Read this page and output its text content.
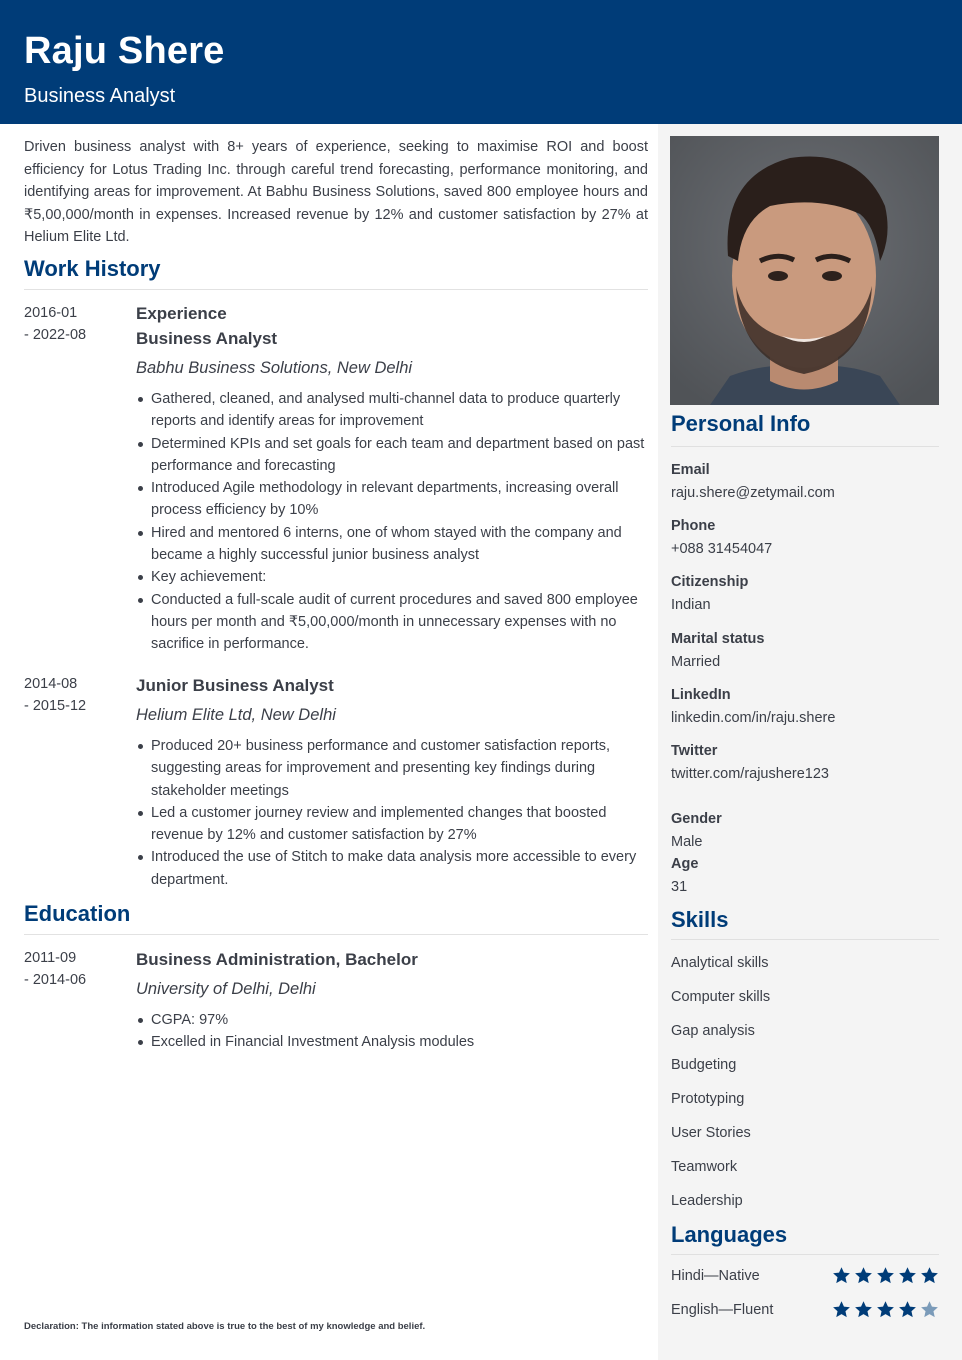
Raju Shere
Business Analyst
Personal Info
Email
raju.shere@zetymail.com
Phone
+088 31454047
Citizenship
Indian
Marital status
Married
LinkedIn
linkedin.com/in/raju.shere
Twitter
twitter.com/rajushere123
Gender
Male
Age
31
Skills
Analytical skills
Computer skills
Gap analysis
Budgeting
Prototyping
User Stories
Teamwork
Leadership
Languages
Hindi—Native
English—Fluent

Driven business analyst with 8+ years of experience, seeking to maximise ROI and boost efficiency for Lotus Trading Inc. through careful trend forecasting, performance monitoring, and identifying areas for improvement. At Babhu Business Solutions, saved 800 employee hours and ₹5,00,000/month in expenses. Increased revenue by 12% and customer satisfaction by 27% at Helium Elite Ltd.

Work History
2016-01
- 2022-08
Experience
Business Analyst
Babhu Business Solutions, New Delhi
Gathered, cleaned, and analysed multi-channel data to produce quarterly reports and identify areas for improvement
Determined KPIs and set goals for each team and department based on past performance and forecasting
Introduced Agile methodology in relevant departments, increasing overall process efficiency by 10%
Hired and mentored 6 interns, one of whom stayed with the company and became a highly successful junior business analyst
Key achievement:
Conducted a full-scale audit of current procedures and saved 800 employee hours per month and ₹5,00,000/month in unnecessary expenses with no sacrifice in performance.
2014-08
- 2015-12
Junior Business Analyst
Helium Elite Ltd, New Delhi
Produced 20+ business performance and customer satisfaction reports, suggesting areas for improvement and presenting key findings during stakeholder meetings
Led a customer journey review and implemented changes that boosted revenue by 12% and customer satisfaction by 27%
Introduced the use of Stitch to make data analysis more accessible to every department.
Education
2011-09
- 2014-06
Business Administration, Bachelor
University of Delhi, Delhi
CGPA: 97%
Excelled in Financial Investment Analysis modules
Declaration: The information stated above is true to the best of my knowledge and belief.
